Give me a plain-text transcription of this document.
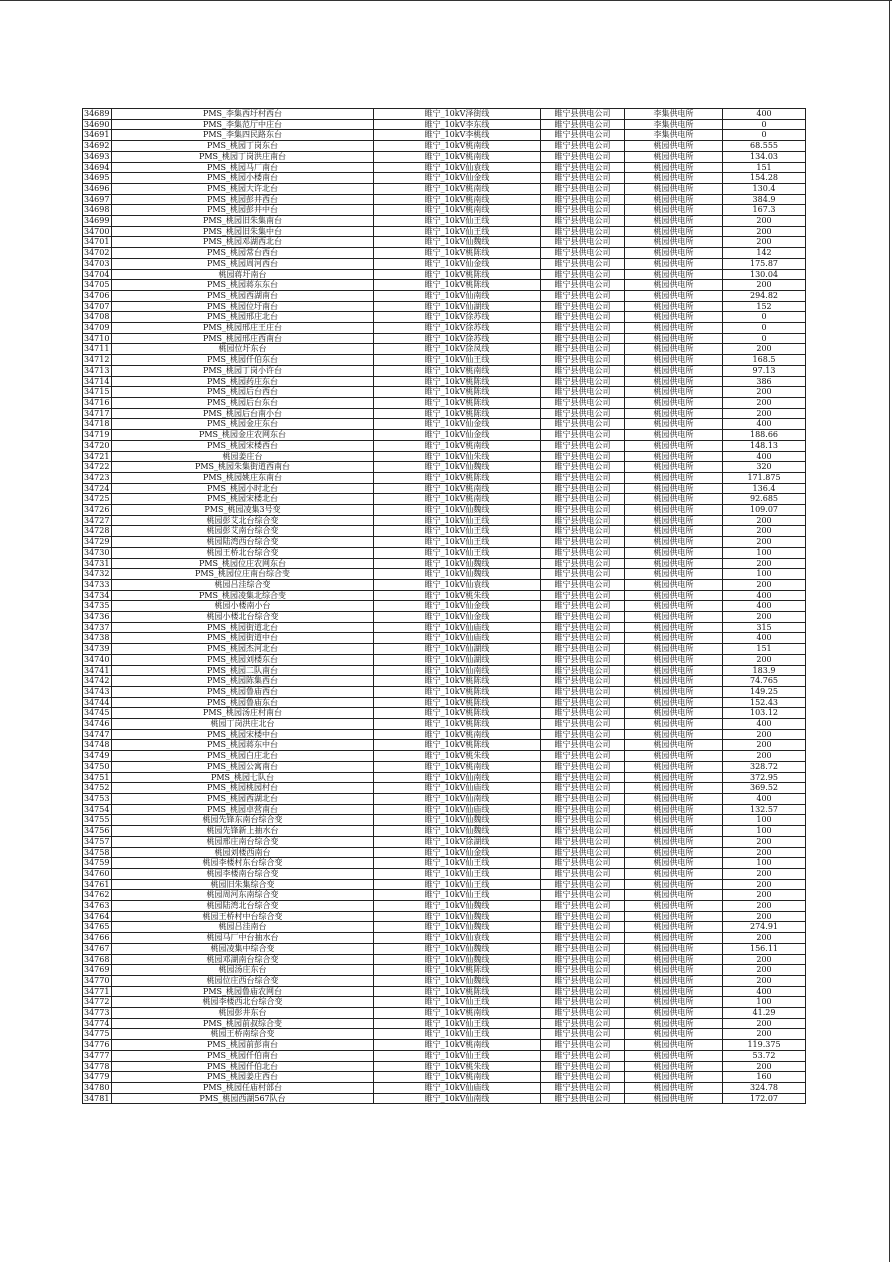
34689	PMS_李集西圩村西台	睢宁_10kV泽街线	睢宁县供电公司	李集供电所	400
34690	PMS_李集范厅中庄台	睢宁_10kV李东线	睢宁县供电公司	李集供电所	0
34691	PMS_李集四民路东台	睢宁_10kV李桃线	睢宁县供电公司	李集供电所	0
34692	PMS_桃园丁岗东台	睢宁_10kV桃南线	睢宁县供电公司	桃园供电所	68.555
34693	PMS_桃园丁岗洪庄南台	睢宁_10kV桃南线	睢宁县供电公司	桃园供电所	134.03
34694	PMS_桃园马厂南台	睢宁_10kV仙袁线	睢宁县供电公司	桃园供电所	151
34695	PMS_桃园小楼南台	睢宁_10kV仙金线	睢宁县供电公司	桃园供电所	154.28
34696	PMS_桃园大许北台	睢宁_10kV桃南线	睢宁县供电公司	桃园供电所	130.4
34697	PMS_桃园彭井西台	睢宁_10kV桃南线	睢宁县供电公司	桃园供电所	384.9
34698	PMS_桃园彭井中台	睢宁_10kV桃南线	睢宁县供电公司	桃园供电所	167.3
34699	PMS_桃园旧朱集南台	睢宁_10kV仙王线	睢宁县供电公司	桃园供电所	200
34700	PMS_桃园旧朱集中台	睢宁_10kV仙王线	睢宁县供电公司	桃园供电所	200
34701	PMS_桃园邓湖西北台	睢宁_10kV仙魏线	睢宁县供电公司	桃园供电所	200
34702	PMS_桃园常台西台	睢宁_10kV桃陈线	睢宁县供电公司	桃园供电所	142
34703	PMS_桃园周河西台	睢宁_10kV仙金线	睢宁县供电公司	桃园供电所	175.87
34704	桃园蒋圩南台	睢宁_10kV桃陈线	睢宁县供电公司	桃园供电所	130.04
34705	PMS_桃园蒋东东台	睢宁_10kV桃陈线	睢宁县供电公司	桃园供电所	200
34706	PMS_桃园西湖南台	睢宁_10kV仙南线	睢宁县供电公司	桃园供电所	294.82
34707	PMS_桃园位圩南台	睢宁_10kV仙湖线	睢宁县供电公司	桃园供电所	152
34708	PMS_桃园邢庄北台	睢宁_10kV徐苏线	睢宁县供电公司	桃园供电所	0
34709	PMS_桃园邢庄王庄台	睢宁_10kV徐苏线	睢宁县供电公司	桃园供电所	0
34710	PMS_桃园邢庄西南台	睢宁_10kV徐苏线	睢宁县供电公司	桃园供电所	0
34711	桃园位圩东台	睢宁_10kV徐凤线	睢宁县供电公司	桃园供电所	200
34712	PMS_桃园仟伯东台	睢宁_10kV仙王线	睢宁县供电公司	桃园供电所	168.5
34713	PMS_桃园丁岗小许台	睢宁_10kV桃南线	睢宁县供电公司	桃园供电所	97.13
34714	PMS_桃园药庄东台	睢宁_10kV桃陈线	睢宁县供电公司	桃园供电所	386
34715	PMS_桃园后台西台	睢宁_10kV桃陈线	睢宁县供电公司	桃园供电所	200
34716	PMS_桃园后台东台	睢宁_10kV桃陈线	睢宁县供电公司	桃园供电所	200
34717	PMS_桃园后台南小台	睢宁_10kV桃陈线	睢宁县供电公司	桃园供电所	200
34718	PMS_桃园金庄东台	睢宁_10kV仙金线	睢宁县供电公司	桃园供电所	400
34719	PMS_桃园金庄农网东台	睢宁_10kV仙金线	睢宁县供电公司	桃园供电所	188.66
34720	PMS_桃园宋楼西台	睢宁_10kV桃南线	睢宁县供电公司	桃园供电所	148.13
34721	桃园姜庄台	睢宁_10kV仙朱线	睢宁县供电公司	桃园供电所	400
34722	PMS_桃园朱集街道西南台	睢宁_10kV仙魏线	睢宁县供电公司	桃园供电所	320
34723	PMS_桃园姚庄东南台	睢宁_10kV桃陈线	睢宁县供电公司	桃园供电所	171.875
34724	PMS_桃园小时北台	睢宁_10kV桃南线	睢宁县供电公司	桃园供电所	136.4
34725	PMS_桃园宋楼北台	睢宁_10kV桃南线	睢宁县供电公司	桃园供电所	92.685
34726	PMS_桃园凌集3号变	睢宁_10kV仙魏线	睢宁县供电公司	桃园供电所	109.07
34727	桃园彭艾北台综合变	睢宁_10kV仙王线	睢宁县供电公司	桃园供电所	200
34728	桃园彭艾南台综合变	睢宁_10kV仙王线	睢宁县供电公司	桃园供电所	200
34729	桃园陆湾西台综合变	睢宁_10kV仙王线	睢宁县供电公司	桃园供电所	200
34730	桃园王桥北台综合变	睢宁_10kV仙王线	睢宁县供电公司	桃园供电所	100
34731	PMS_桃园位庄农网东台	睢宁_10kV仙魏线	睢宁县供电公司	桃园供电所	200
34732	PMS_桃园位庄南台综合变	睢宁_10kV仙魏线	睢宁县供电公司	桃园供电所	100
34733	桃园吕洼综合变	睢宁_10kV仙袁线	睢宁县供电公司	桃园供电所	200
34734	PMS_桃园凌集北综合变	睢宁_10kV桃朱线	睢宁县供电公司	桃园供电所	400
34735	桃园小楼南小台	睢宁_10kV仙金线	睢宁县供电公司	桃园供电所	400
34736	桃园小楼北台综合变	睢宁_10kV仙金线	睢宁县供电公司	桃园供电所	200
34737	PMS_桃园街道北台	睢宁_10kV仙庙线	睢宁县供电公司	桃园供电所	315
34738	PMS_桃园街道中台	睢宁_10kV仙庙线	睢宁县供电公司	桃园供电所	400
34739	PMS_桃园杰河北台	睢宁_10kV仙湖线	睢宁县供电公司	桃园供电所	151
34740	PMS_桃园刘楼东台	睢宁_10kV仙湖线	睢宁县供电公司	桃园供电所	200
34741	PMS_桃园二队南台	睢宁_10kV仙南线	睢宁县供电公司	桃园供电所	183.9
34742	PMS_桃园陈集西台	睢宁_10kV桃陈线	睢宁县供电公司	桃园供电所	74.765
34743	PMS_桃园鲁庙西台	睢宁_10kV桃陈线	睢宁县供电公司	桃园供电所	149.25
34744	PMS_桃园鲁庙东台	睢宁_10kV桃陈线	睢宁县供电公司	桃园供电所	152.43
34745	PMS_桃园汤庄村南台	睢宁_10kV桃陈线	睢宁县供电公司	桃园供电所	103.12
34746	桃园丁岗洪庄北台	睢宁_10kV桃陈线	睢宁县供电公司	桃园供电所	400
34747	PMS_桃园宋楼中台	睢宁_10kV桃南线	睢宁县供电公司	桃园供电所	200
34748	PMS_桃园蒋东中台	睢宁_10kV桃陈线	睢宁县供电公司	桃园供电所	200
34749	PMS_桃园白庄北台	睢宁_10kV桃朱线	睢宁县供电公司	桃园供电所	200
34750	PMS_桃园公寓南台	睢宁_10kV桃南线	睢宁县供电公司	桃园供电所	328.72
34751	PMS_桃园七队台	睢宁_10kV仙南线	睢宁县供电公司	桃园供电所	372.95
34752	PMS_桃园桃园村台	睢宁_10kV仙庙线	睢宁县供电公司	桃园供电所	369.52
34753	PMS_桃园西湖北台	睢宁_10kV仙南线	睢宁县供电公司	桃园供电所	400
34754	PMS_桃园卓营南台	睢宁_10kV仙庙线	睢宁县供电公司	桃园供电所	132.57
34755	桃园先锋东南台综合变	睢宁_10kV仙魏线	睢宁县供电公司	桃园供电所	100
34756	桃园先锋新上抽水台	睢宁_10kV仙魏线	睢宁县供电公司	桃园供电所	100
34757	桃园邢庄南台综合变	睢宁_10kV徐湖线	睢宁县供电公司	桃园供电所	200
34758	桃园刘楼西南台	睢宁_10kV仙金线	睢宁县供电公司	桃园供电所	200
34759	桃园李楼村东台综合变	睢宁_10kV仙王线	睢宁县供电公司	桃园供电所	100
34760	桃园李楼南台综合变	睢宁_10kV仙王线	睢宁县供电公司	桃园供电所	200
34761	桃园旧朱集综合变	睢宁_10kV仙王线	睢宁县供电公司	桃园供电所	200
34762	桃园周河东南综合变	睢宁_10kV仙王线	睢宁县供电公司	桃园供电所	200
34763	桃园陆湾北台综合变	睢宁_10kV仙魏线	睢宁县供电公司	桃园供电所	200
34764	桃园王桥村中台综合变	睢宁_10kV仙魏线	睢宁县供电公司	桃园供电所	200
34765	桃园吕洼南台	睢宁_10kV仙魏线	睢宁县供电公司	桃园供电所	274.91
34766	桃园马厂中台抽水台	睢宁_10kV仙袁线	睢宁县供电公司	桃园供电所	200
34767	桃园凌集中综合变	睢宁_10kV仙魏线	睢宁县供电公司	桃园供电所	156.11
34768	桃园邓湖南台综合变	睢宁_10kV仙魏线	睢宁县供电公司	桃园供电所	200
34769	桃园汤庄东台	睢宁_10kV桃陈线	睢宁县供电公司	桃园供电所	200
34770	桃园位庄西台综合变	睢宁_10kV仙魏线	睢宁县供电公司	桃园供电所	200
34771	PMS_桃园鲁庙农网台	睢宁_10kV桃陈线	睢宁县供电公司	桃园供电所	400
34772	桃园李楼西北台综合变	睢宁_10kV仙王线	睢宁县供电公司	桃园供电所	100
34773	桃园彭井东台	睢宁_10kV桃南线	睢宁县供电公司	桃园供电所	41.29
34774	PMS_桃园前叔综合变	睢宁_10kV仙王线	睢宁县供电公司	桃园供电所	200
34775	桃园王桥南综合变	睢宁_10kV仙王线	睢宁县供电公司	桃园供电所	200
34776	PMS_桃园前彭南台	睢宁_10kV桃南线	睢宁县供电公司	桃园供电所	119.375
34777	PMS_桃园仟伯南台	睢宁_10kV仙王线	睢宁县供电公司	桃园供电所	53.72
34778	PMS_桃园仟伯北台	睢宁_10kV桃朱线	睢宁县供电公司	桃园供电所	200
34779	PMS_桃园姜庄西台	睢宁_10kV桃南线	睢宁县供电公司	桃园供电所	160
34780	PMS_桃园任庙村部台	睢宁_10kV仙庙线	睢宁县供电公司	桃园供电所	324.78
34781	PMS_桃园西湖567队台	睢宁_10kV仙南线	睢宁县供电公司	桃园供电所	172.07
